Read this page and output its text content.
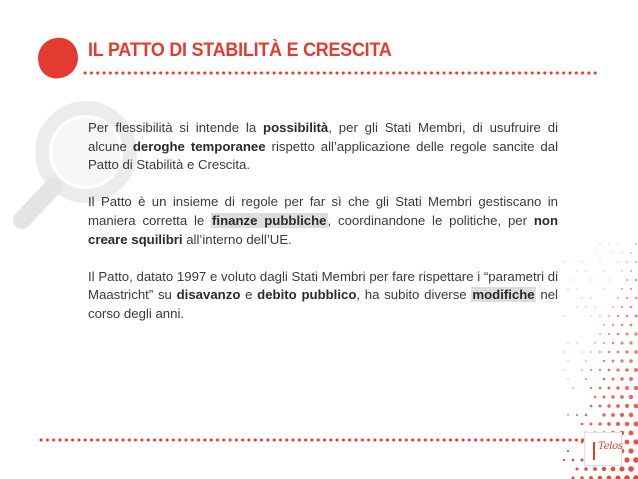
IL PATTO DI STABILITÀ E CRESCITA

Per flessibilità si intende la possibilità, per gli Stati Membri, di usufruire di alcune deroghe temporanee rispetto all’applicazione delle regole sancite dal Patto di Stabilità e Crescita.

Il Patto è un insieme di regole per far sì che gli Stati Membri gestiscano in maniera corretta le finanze pubbliche, coordinandone le politiche, per non creare squilibri all’interno dell’UE.

Il Patto, datato 1997 e voluto dagli Stati Membri per fare rispettare i “parametri di Maastricht” su disavanzo e debito pubblico, ha subito diverse modifiche nel corso degli anni.

Telos
